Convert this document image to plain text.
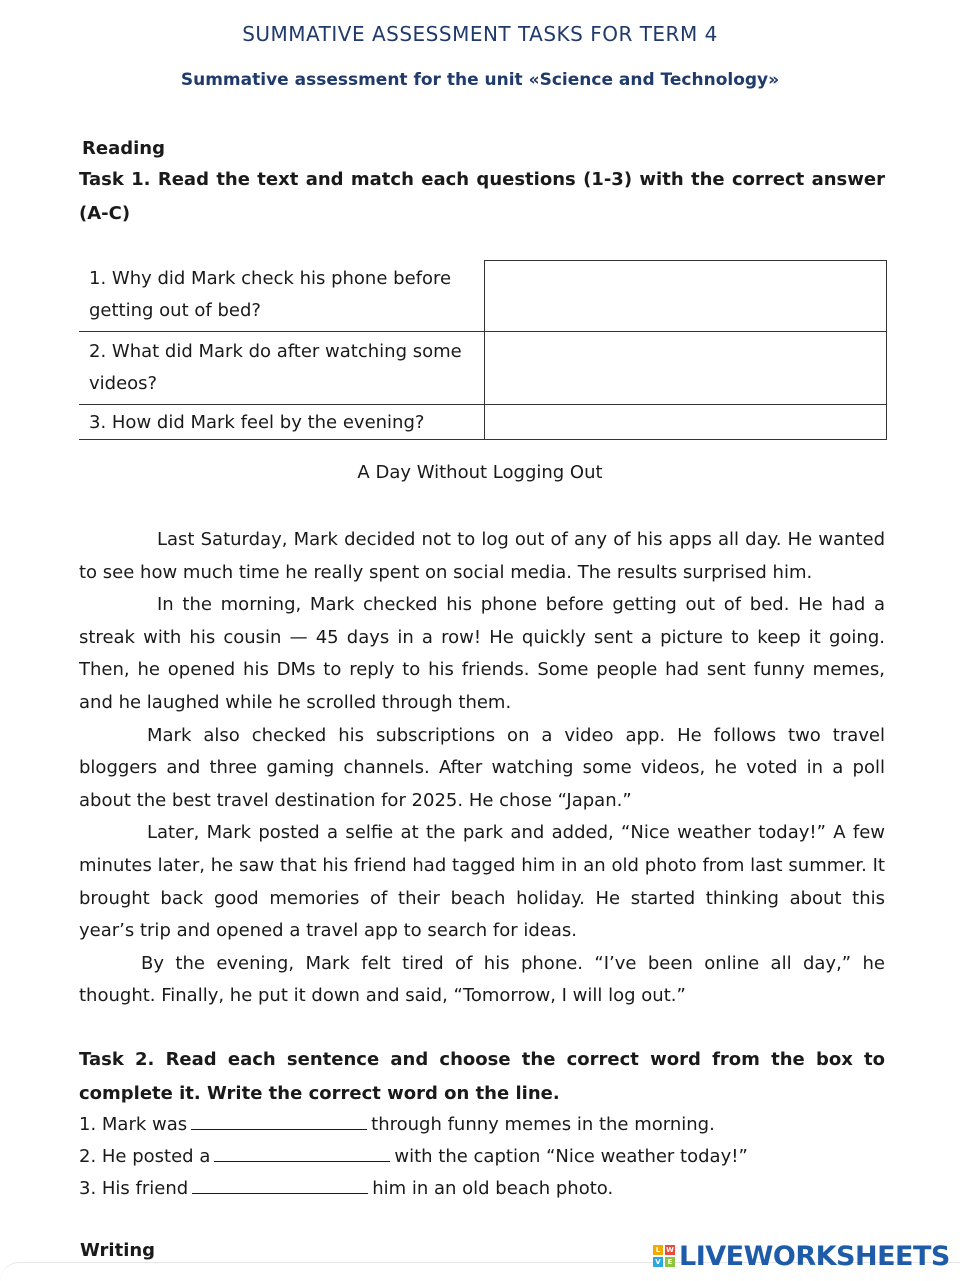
SUMMATIVE ASSESSMENT TASKS FOR TERM 4
Summative assessment for the unit «Science and Technology»
Reading
Task 1. Read the text and match each questions (1-3) with the correct answer (A-C)
1. Why did Mark check his phone before getting out of bed?	
2. What did Mark do after watching some videos?	
3. How did Mark feel by the evening?	
A Day Without Logging Out

Last Saturday, Mark decided not to log out of any of his apps all day. He wanted to see how much time he really spent on social media. The results surprised him.

In the morning, Mark checked his phone before getting out of bed. He had a streak with his cousin — 45 days in a row! He quickly sent a picture to keep it going. Then, he opened his DMs to reply to his friends. Some people had sent funny memes, and he laughed while he scrolled through them.

Mark also checked his subscriptions on a video app. He follows two travel bloggers and three gaming channels. After watching some videos, he voted in a poll about the best travel destination for 2025. He chose “Japan.”

Later, Mark posted a selfie at the park and added, “Nice weather today!” A few minutes later, he saw that his friend had tagged him in an old photo from last summer. It brought back good memories of their beach holiday. He started thinking about this year’s trip and opened a travel app to search for ideas.

By the evening, Mark felt tired of his phone. “I’ve been online all day,” he thought. Finally, he put it down and said, “Tomorrow, I will log out.”

Task 2. Read each sentence and choose the correct word from the box to complete it. Write the correct word on the line.
1. Mark was	through funny memes in the morning.
2. He posted a	with the caption “Nice weather today!”
3. His friend	him in an old beach photo.
Writing	L W
V E LIVEWORKSHEETS
